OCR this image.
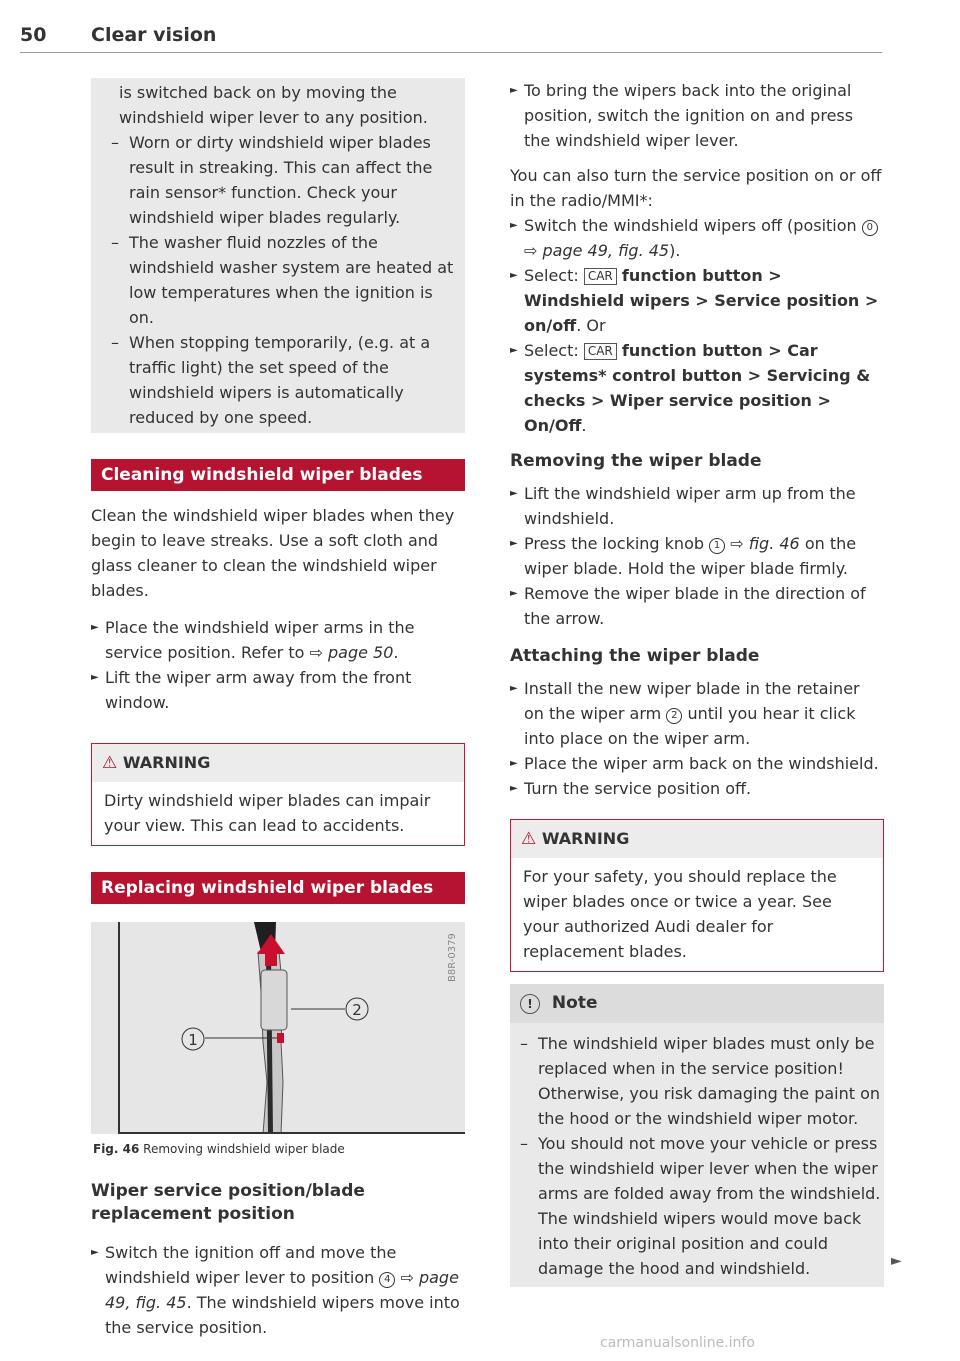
50 Clear vision

is switched back on by moving the windshield wiper lever to any position.

– Worn or dirty windshield wiper blades result in streaking. This can affect the rain sensor* function. Check your windshield wiper blades regularly.

– The washer fluid nozzles of the windshield washer system are heated at low temperatures when the ignition is on.

– When stopping temporarily, (e.g. at a traffic light) the set speed of the windshield wipers is automatically reduced by one speed.

Cleaning windshield wiper blades

Clean the windshield wiper blades when they begin to leave streaks. Use a soft cloth and glass cleaner to clean the windshield wiper blades.

► Place the windshield wiper arms in the service position. Refer to ⇨ page 50.

► Lift the wiper arm away from the front window.

⚠ WARNING
Dirty windshield wiper blades can impair your view. This can lead to accidents.
Replacing windshield wiper blades
1
2
B8R-0379
Fig. 46 Removing windshield wiper blade
Wiper service position/blade replacement position

► Switch the ignition off and move the windshield wiper lever to position 4 ⇨ page 49, fig. 45. The windshield wipers move into the service position.

► To bring the wipers back into the original position, switch the ignition on and press the windshield wiper lever.

You can also turn the service position on or off in the radio/MMI*:

► Switch the windshield wipers off (position 0 ⇨ page 49, fig. 45).

► Select: CAR function button > Windshield wipers > Service position > on/off. Or

► Select: CAR function button > Car systems* control button > Servicing & checks > Wiper service position > On/Off.

Removing the wiper blade

► Lift the windshield wiper arm up from the windshield.

► Press the locking knob 1 ⇨ fig. 46 on the wiper blade. Hold the wiper blade firmly.

► Remove the wiper blade in the direction of the arrow.

Attaching the wiper blade

► Install the new wiper blade in the retainer on the wiper arm 2 until you hear it click into place on the wiper arm.

► Place the wiper arm back on the windshield.

► Turn the service position off.

⚠ WARNING
For your safety, you should replace the wiper blades once or twice a year. See your authorized Audi dealer for replacement blades.
! Note

– The windshield wiper blades must only be replaced when in the service position! Otherwise, you risk damaging the paint on the hood or the windshield wiper motor.

– You should not move your vehicle or press the windshield wiper lever when the wiper arms are folded away from the windshield. The windshield wipers would move back into their original position and could damage the hood and windshield.	►
carmanualsonline.info
